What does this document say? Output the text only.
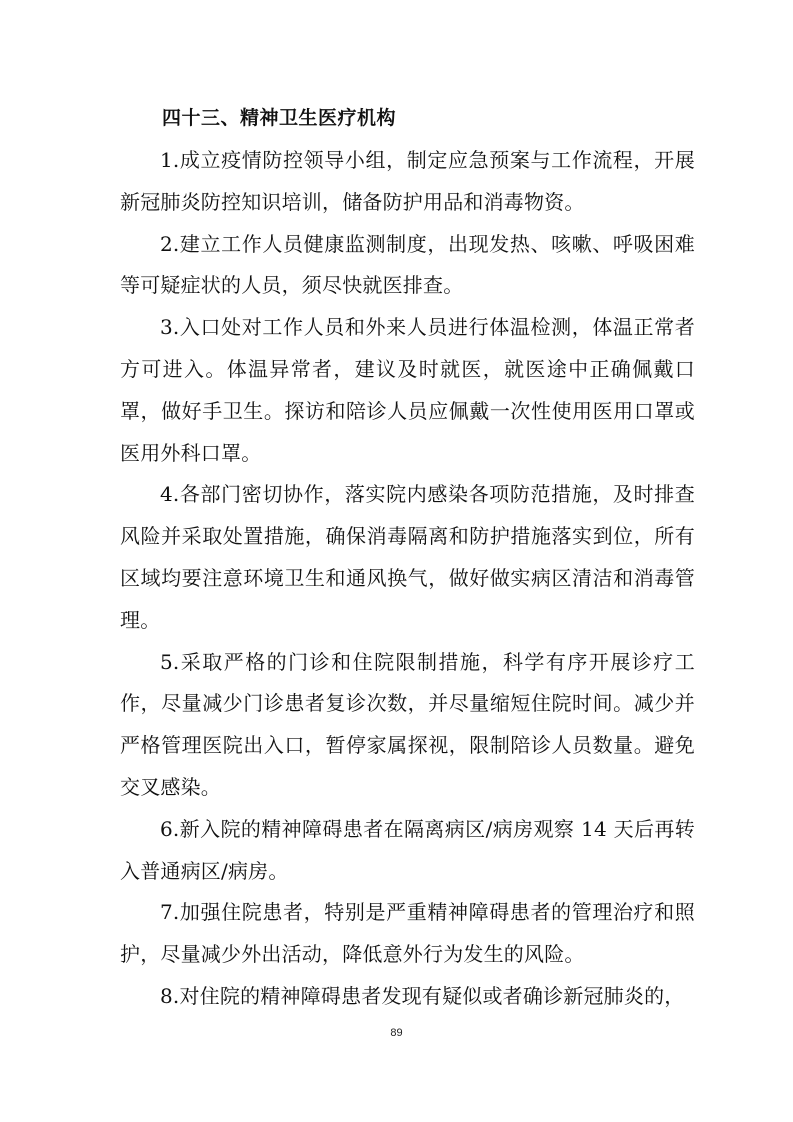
四十三、精神卫生医疗机构

1.成立疫情防控领导小组，制定应急预案与工作流程，开展新冠肺炎防控知识培训，储备防护用品和消毒物资。

2.建立工作人员健康监测制度，出现发热、咳嗽、呼吸困难等可疑症状的人员，须尽快就医排查。

3.入口处对工作人员和外来人员进行体温检测，体温正常者方可进入。体温异常者，建议及时就医，就医途中正确佩戴口罩，做好手卫生。探访和陪诊人员应佩戴一次性使用医用口罩或医用外科口罩。

4.各部门密切协作，落实院内感染各项防范措施，及时排查风险并采取处置措施，确保消毒隔离和防护措施落实到位，所有区域均要注意环境卫生和通风换气，做好做实病区清洁和消毒管理。

5.采取严格的门诊和住院限制措施，科学有序开展诊疗工作，尽量减少门诊患者复诊次数，并尽量缩短住院时间。减少并严格管理医院出入口，暂停家属探视，限制陪诊人员数量。避免交叉感染。

6.新入院的精神障碍患者在隔离病区/病房观察 14 天后再转入普通病区/病房。

7.加强住院患者，特别是严重精神障碍患者的管理治疗和照护，尽量减少外出活动，降低意外行为发生的风险。

8.对住院的精神障碍患者发现有疑似或者确诊新冠肺炎的，

89
